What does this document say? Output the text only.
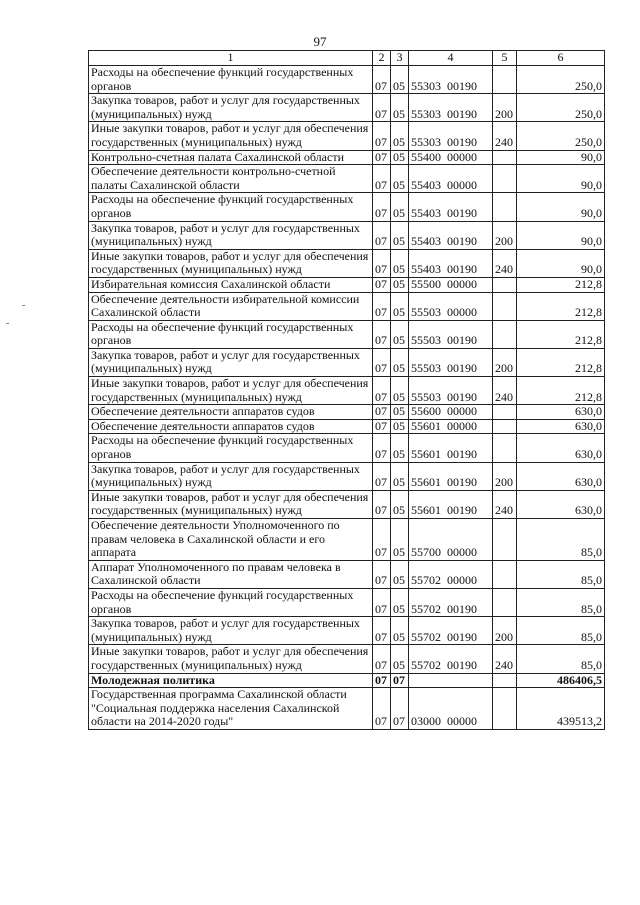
97
-
-
1	2	3	4	5	6
Расходы на обеспечение функций государственных органов	07	05	55303  00190		250,0
Закупка товаров, работ и услуг для государственных (муниципальных) нужд	07	05	55303  00190	200	250,0
Иные закупки товаров, работ и услуг для обеспечения государственных (муниципальных) нужд	07	05	55303  00190	240	250,0
Контрольно-счетная палата Сахалинской области	07	05	55400  00000		90,0
Обеспечение деятельности контрольно-счетной палаты Сахалинской области	07	05	55403  00000		90,0
Расходы на обеспечение функций государственных органов	07	05	55403  00190		90,0
Закупка товаров, работ и услуг для государственных (муниципальных) нужд	07	05	55403  00190	200	90,0
Иные закупки товаров, работ и услуг для обеспечения государственных (муниципальных) нужд	07	05	55403  00190	240	90,0
Избирательная комиссия Сахалинской области	07	05	55500  00000		212,8
Обеспечение деятельности избирательной комиссии Сахалинской области	07	05	55503  00000		212,8
Расходы на обеспечение функций государственных органов	07	05	55503  00190		212,8
Закупка товаров, работ и услуг для государственных (муниципальных) нужд	07	05	55503  00190	200	212,8
Иные закупки товаров, работ и услуг для обеспечения государственных (муниципальных) нужд	07	05	55503  00190	240	212,8
Обеспечение деятельности аппаратов судов	07	05	55600  00000		630,0
Обеспечение деятельности аппаратов судов	07	05	55601  00000		630,0
Расходы на обеспечение функций государственных органов	07	05	55601  00190		630,0
Закупка товаров, работ и услуг для государственных (муниципальных) нужд	07	05	55601  00190	200	630,0
Иные закупки товаров, работ и услуг для обеспечения государственных (муниципальных) нужд	07	05	55601  00190	240	630,0
Обеспечение деятельности Уполномоченного по правам человека в Сахалинской области и его аппарата	07	05	55700  00000		85,0
Аппарат Уполномоченного по правам человека в Сахалинской области	07	05	55702  00000		85,0
Расходы на обеспечение функций государственных органов	07	05	55702  00190		85,0
Закупка товаров, работ и услуг для государственных (муниципальных) нужд	07	05	55702  00190	200	85,0
Иные закупки товаров, работ и услуг для обеспечения государственных (муниципальных) нужд	07	05	55702  00190	240	85,0
Молодежная политика	07	07			486406,5
Государственная программа Сахалинской области "Социальная поддержка населения Сахалинской области на 2014-2020 годы"	07	07	03000  00000		439513,2
